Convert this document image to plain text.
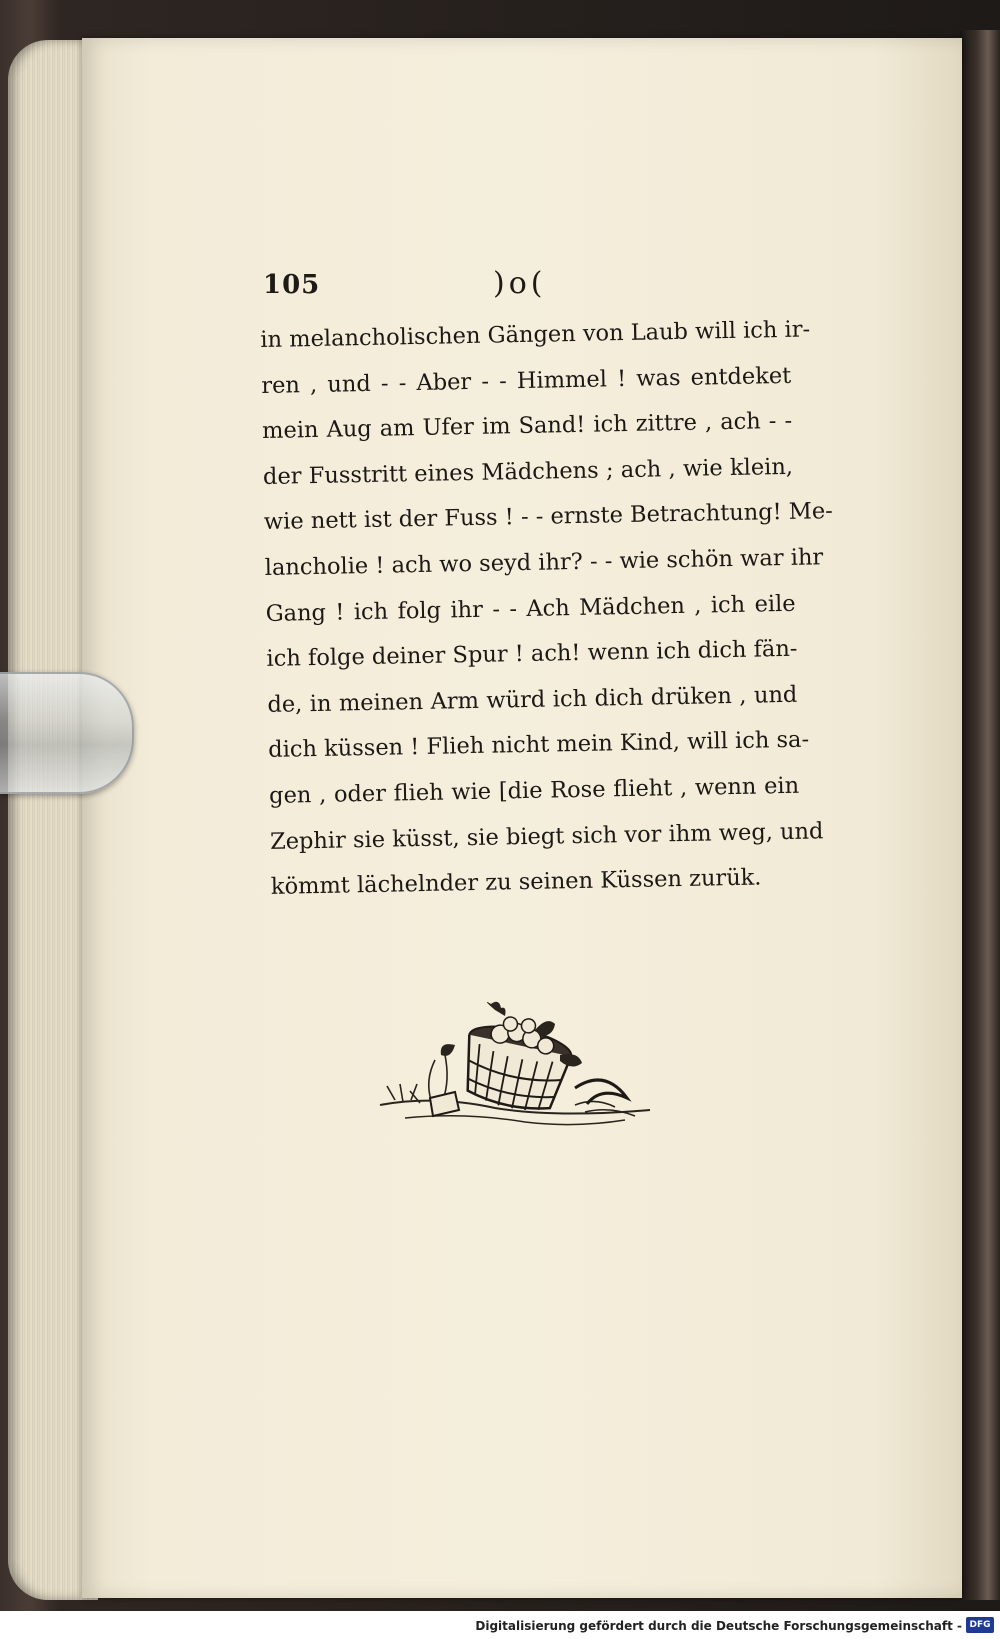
105	)o(
in melancholischen Gängen von Laub will ich ir-
ren , und - - Aber - - Himmel ! was entdeket
mein Aug am Ufer im Sand! ich zittre , ach - -
der Fusstritt eines Mädchens ; ach , wie klein,
wie nett ist der Fuss ! - - ernste Betrachtung! Me-
lancholie ! ach wo seyd ihr? - - wie schön war ihr
Gang ! ich folg ihr - - Ach Mädchen , ich eile
ich folge deiner Spur ! ach! wenn ich dich fän-
de, in meinen Arm würd ich dich drüken , und
dich küssen ! Flieh nicht mein Kind, will ich sa-
gen , oder flieh wie [die Rose flieht , wenn ein
Zephir sie küsst, sie biegt sich vor ihm weg, und
kömmt lächelnder zu seinen Küssen zurük.
Digitalisierung gefördert durch die Deutsche Forschungsgemeinschaft - DFG
